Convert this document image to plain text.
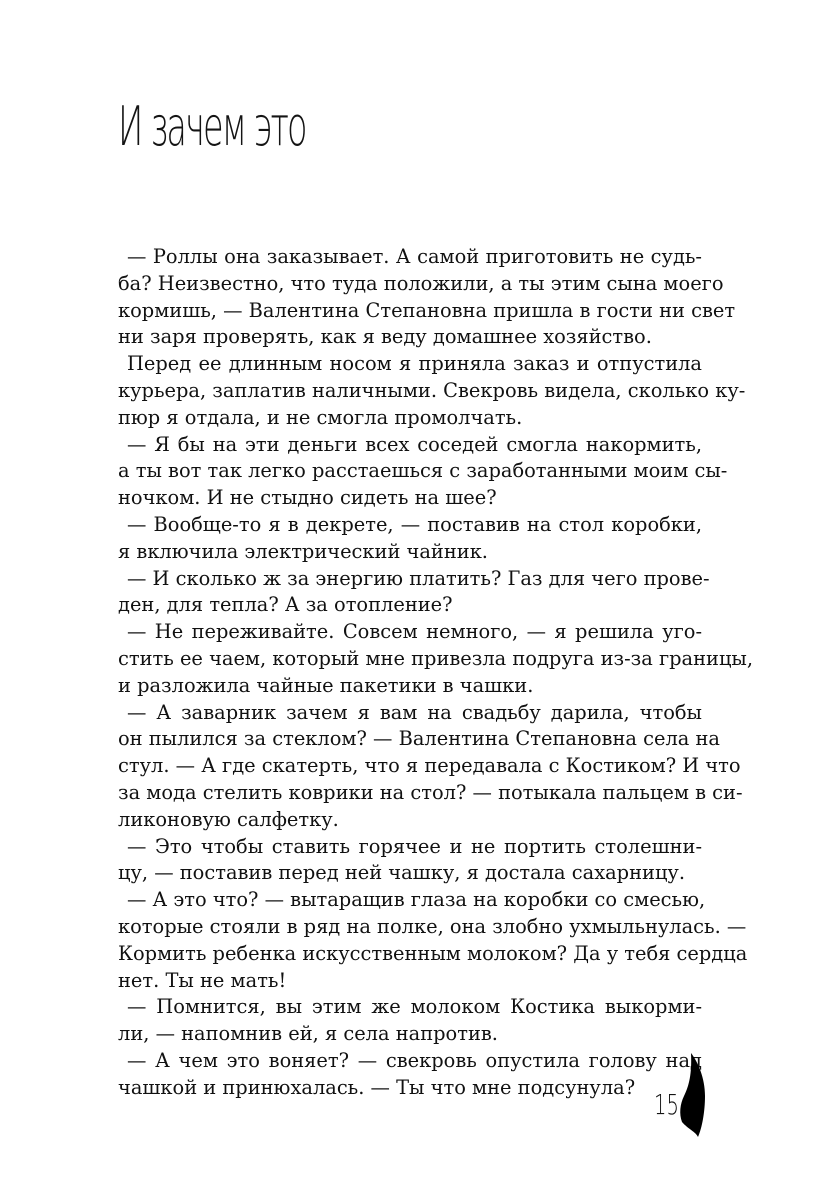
И зачем это
— Роллы она заказывает. А самой приготовить не судь-
ба? Неизвестно, что туда положили, а ты этим сына моего
кормишь, — Валентина Степановна пришла в гости ни свет
ни заря проверять, как я веду домашнее хозяйство.
Перед ее длинным носом я приняла заказ и отпустила
курьера, заплатив наличными. Свекровь видела, сколько ку-
пюр я отдала, и не смогла промолчать.
— Я бы на эти деньги всех соседей смогла накормить,
а ты вот так легко расстаешься с заработанными моим сы-
ночком. И не стыдно сидеть на шее?
— Вообще-то я в декрете, — поставив на стол коробки,
я включила электрический чайник.
— И сколько ж за энергию платить? Газ для чего прове-
ден, для тепла? А за отопление?
— Не переживайте. Совсем немного, — я решила уго-
стить ее чаем, который мне привезла подруга из-за границы,
и разложила чайные пакетики в чашки.
— А заварник зачем я вам на свадьбу дарила, чтобы
он пылился за стеклом? — Валентина Степановна села на
стул. — А где скатерть, что я передавала с Костиком? И что
за мода стелить коврики на стол? — потыкала пальцем в си-
ликоновую салфетку.
— Это чтобы ставить горячее и не портить столешни-
цу, — поставив перед ней чашку, я достала сахарницу.
— А это что? — вытаращив глаза на коробки со смесью,
которые стояли в ряд на полке, она злобно ухмыльнулась. —
Кормить ребенка искусственным молоком? Да у тебя сердца
нет. Ты не мать!
— Помнится, вы этим же молоком Костика выкорми-
ли, — напомнив ей, я села напротив.
— А чем это воняет? — свекровь опустила голову над
чашкой и принюхалась. — Ты что мне подсунула?
15
